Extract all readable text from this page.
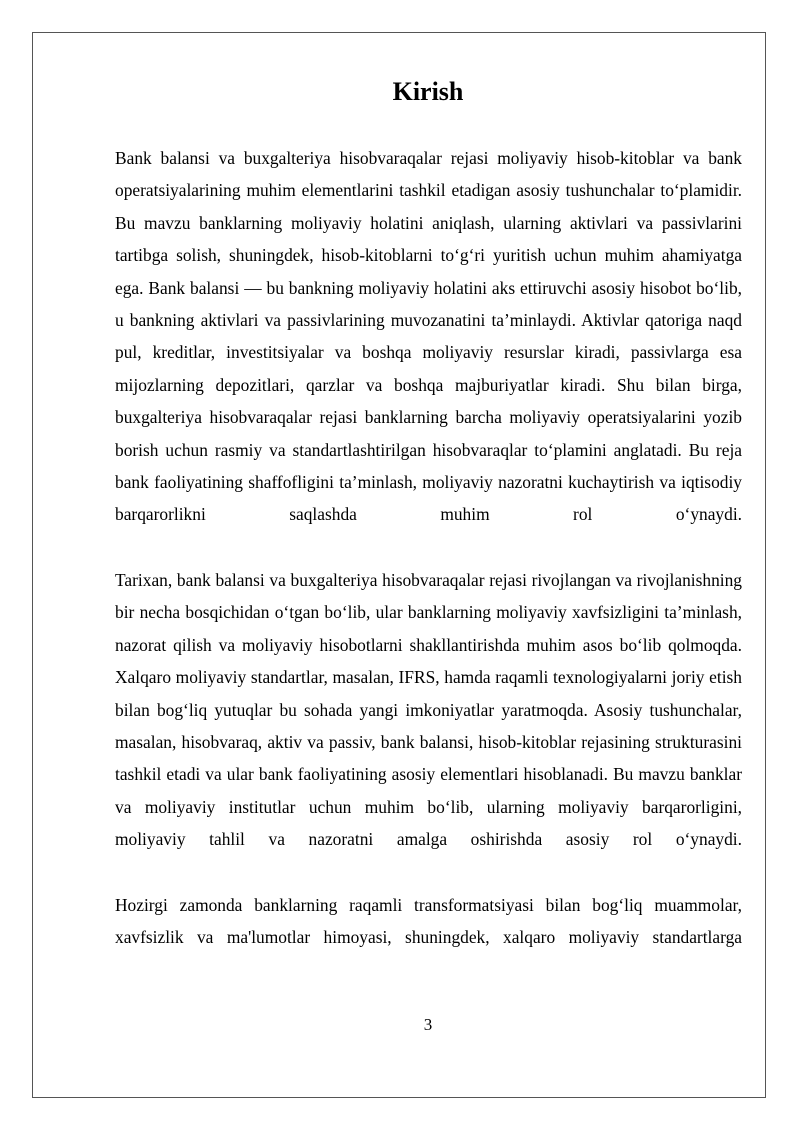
Kirish

Bank balansi va buxgalteriya hisobvaraqalar rejasi moliyaviy hisob-kitoblar va bank operatsiyalarining muhim elementlarini tashkil etadigan asosiy tushunchalar to‘plamidir. Bu mavzu banklarning moliyaviy holatini aniqlash, ularning aktivlari va passivlarini tartibga solish, shuningdek, hisob-kitoblarni to‘g‘ri yuritish uchun muhim ahamiyatga ega. Bank balansi — bu bankning moliyaviy holatini aks ettiruvchi asosiy hisobot bo‘lib, u bankning aktivlari va passivlarining muvozanatini ta’minlaydi. Aktivlar qatoriga naqd pul, kreditlar, investitsiyalar va boshqa moliyaviy resurslar kiradi, passivlarga esa mijozlarning depozitlari, qarzlar va boshqa majburiyatlar kiradi. Shu bilan birga, buxgalteriya hisobvaraqalar rejasi banklarning barcha moliyaviy operatsiyalarini yozib borish uchun rasmiy va standartlashtirilgan hisobvaraqlar to‘plamini anglatadi. Bu reja bank faoliyatining shaffofligini ta’minlash, moliyaviy nazoratni kuchaytirish va iqtisodiy barqarorlikni saqlashda muhim rol o‘ynaydi.

Tarixan, bank balansi va buxgalteriya hisobvaraqalar rejasi rivojlangan va rivojlanishning bir necha bosqichidan o‘tgan bo‘lib, ular banklarning moliyaviy xavfsizligini ta’minlash, nazorat qilish va moliyaviy hisobotlarni shakllantirishda muhim asos bo‘lib qolmoqda. Xalqaro moliyaviy standartlar, masalan, IFRS, hamda raqamli texnologiyalarni joriy etish bilan bog‘liq yutuqlar bu sohada yangi imkoniyatlar yaratmoqda. Asosiy tushunchalar, masalan, hisobvaraq, aktiv va passiv, bank balansi, hisob-kitoblar rejasining strukturasini tashkil etadi va ular bank faoliyatining asosiy elementlari hisoblanadi. Bu mavzu banklar va moliyaviy institutlar uchun muhim bo‘lib, ularning moliyaviy barqarorligini, moliyaviy tahlil va nazoratni amalga oshirishda asosiy rol o‘ynaydi.

Hozirgi zamonda banklarning raqamli transformatsiyasi bilan bog‘liq muammolar, xavfsizlik va ma'lumotlar himoyasi, shuningdek, xalqaro moliyaviy standartlarga

3
